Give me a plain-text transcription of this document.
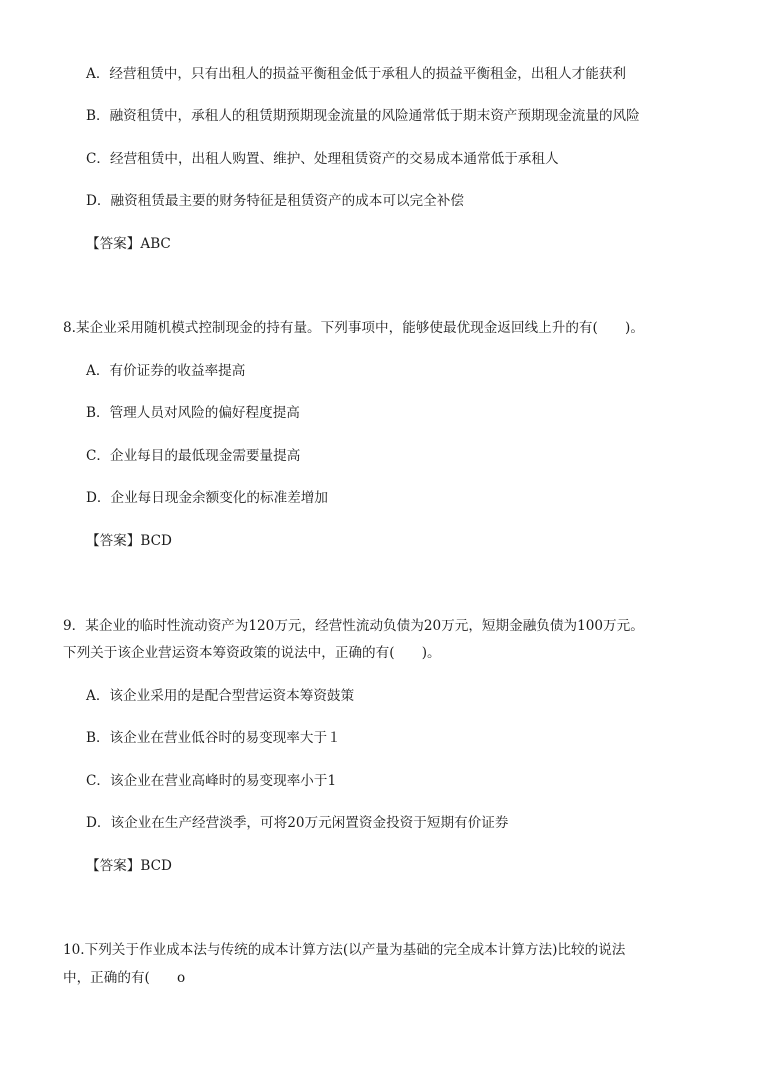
A．经营租赁中，只有出租人的损益平衡租金低于承租人的损益平衡租金，出租人才能获利
B．融资租赁中，承租人的租赁期预期现金流量的风险通常低于期末资产预期现金流量的风险
C．经营租赁中，出租人购置、维护、处理租赁资产的交易成本通常低于承租人
D．融资租赁最主要的财务特征是租赁资产的成本可以完全补偿
【答案】ABC
8.某企业采用随机模式控制现金的持有量。下列事项中，能够使最优现金返回线上升的有(　　)。
A．有价证券的收益率提高
B．管理人员对风险的偏好程度提高
C．企业每目的最低现金需要量提高
D．企业每日现金余额变化的标准差增加
【答案】BCD
9．某企业的临时性流动资产为120万元，经营性流动负债为20万元，短期金融负债为100万元。
下列关于该企业营运资本筹资政策的说法中，正确的有(　　)。
A．该企业采用的是配合型营运资本筹资鼓策
B．该企业在营业低谷时的易变现率大于１
C．该企业在营业高峰时的易变现率小于1
D．该企业在生产经营淡季，可将20万元闲置资金投资于短期有价证券
【答案】BCD
10.下列关于作业成本法与传统的成本计算方法(以产量为基础的完全成本计算方法)比较的说法
中，正确的有(　　o
